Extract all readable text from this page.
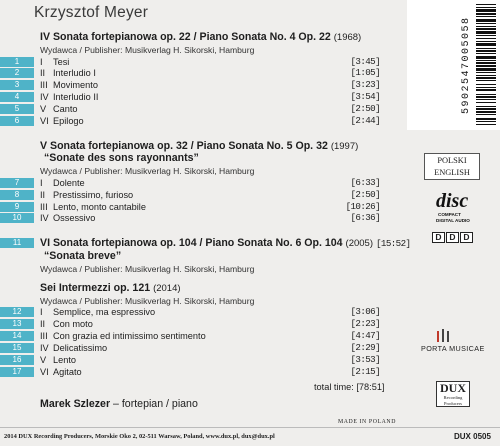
Krzysztof Meyer
IV Sonata fortepianowa op. 22 / Piano Sonata No. 4 Op. 22 (1968)
Wydawca / Publisher: Musikverlag H. Sikorski, Hamburg
V Sonata fortepianowa op. 32 / Piano Sonata No. 5 Op. 32 (1997)
“Sonate des sons rayonnants”
Wydawca / Publisher: Musikverlag H. Sikorski, Hamburg
11	VI Sonata fortepianowa op. 104 / Piano Sonata No. 6 Op. 104 (2005) [15:52]
“Sonata breve”
Wydawca / Publisher: Musikverlag H. Sikorski, Hamburg
Sei Intermezzi op. 121 (2014)
Wydawca / Publisher: Musikverlag H. Sikorski, Hamburg
1	I Tesi	[3:45]
2	II Interludio I	[1:05]
3	III Movimento	[3:23]
4	IV Interludio II	[3:54]
5	V Canto	[2:50]
6	VI Epilogo	[2:44]
7	I Dolente	[6:33]
8	II Prestissimo, furioso	[2:50]
9	III Lento, monto cantabile	[10:26]
10	IV Ossessivo	[6:36]
12	I Semplice, ma espressivo	[3:06]
13	II Con moto	[2:23]
14	III Con grazia ed intimissimo sentimento	[4:47]
15	IV Delicatissimo	[2:29]
16	V Lento	[3:53]
17	VI Agitato	[2:15]
total time: [78:51]
Marek Szlezer – fortepian / piano
5902547005058
POLSKI
ENGLISH
disc
COMPACT
DIGITAL AUDIO
D D D
PORTA MUSICAE
DUX
Recording Producers
MADE IN POLAND
2014 DUX Recording Producers, Morskie Oko 2, 02-511 Warsaw, Poland, www.dux.pl, dux@dux.pl	DUX 0505
